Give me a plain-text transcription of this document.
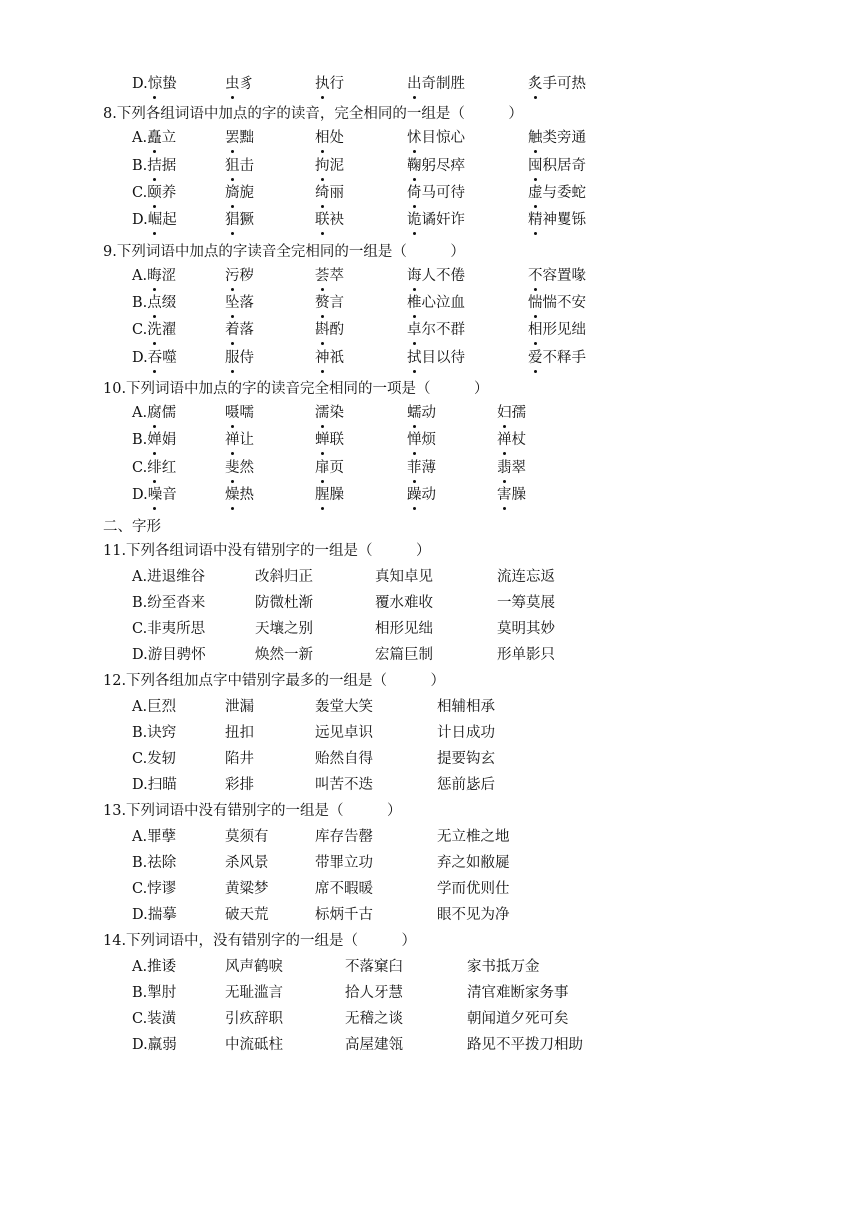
D.惊蛰	虫豸	执行	出奇制胜	炙手可热
8.下列各组词语中加点的字的读音，完全相同的一组是（　　　）
A.矗立	罢黜	相处	怵目惊心	触类旁通
B.拮据	狙击	拘泥	鞠躬尽瘁	囤积居奇
C.颐养	旖旎	绮丽	倚马可待	虚与委蛇
D.崛起	猖獗	联袂	诡谲奸诈	精神矍铄
9.下列词语中加点的字读音全完相同的一组是（　　　）
A.晦涩	污秽	荟萃	诲人不倦	不容置喙
B.点缀	坠落	赘言	椎心泣血	惴惴不安
C.洗濯	着落	斟酌	卓尔不群	相形见绌
D.吞噬	服侍	神祇	拭目以待	爱不释手
10.下列词语中加点的字的读音完全相同的一项是（　　　）
A.腐儒	嗫嚅	濡染	蠕动	妇孺
B.婵娟	禅让	蝉联	惮烦	禅杖
C.绯红	斐然	扉页	菲薄	翡翠
D.噪音	燥热	腥臊	躁动	害臊
二、字形
11.下列各组词语中没有错别字的一组是（　　　）
A.进退维谷	改斜归正	真知卓见	流连忘返
B.纷至沓来	防微杜渐	覆水难收	一筹莫展
C.非夷所思	天壤之别	相形见绌	莫明其妙
D.游目骋怀	焕然一新	宏篇巨制	形单影只
12.下列各组加点字中错别字最多的一组是（　　　）
A.巨烈	泄漏	轰堂大笑	相辅相承
B.诀窍	扭扣	远见卓识	计日成功
C.发轫	陷井	贻然自得	提要钩玄
D.扫瞄	彩排	叫苦不迭	惩前毖后
13.下列词语中没有错别字的一组是（　　　）
A.罪孽	莫须有	库存告罄	无立椎之地
B.祛除	杀风景	带罪立功	弃之如敝屣
C.悖谬	黄粱梦	席不暇暖	学而优则仕
D.揣摹	破天荒	标炳千古	眼不见为净
14.下列词语中，没有错别字的一组是（　　　）
A.推诿	风声鹤唳	不落窠臼	家书抵万金
B.掣肘	无耻滥言	拾人牙慧	清官难断家务事
C.装潢	引疚辞职	无稽之谈	朝闻道夕死可矣
D.羸弱	中流砥柱	高屋建瓴	路见不平拨刀相助
